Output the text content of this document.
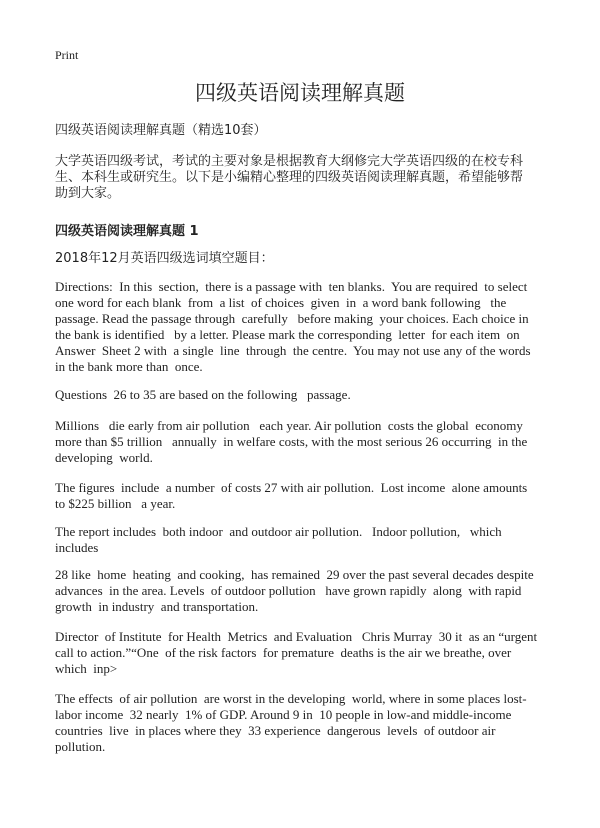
Print
四级英语阅读理解真题
四级英语阅读理解真题（精选10套）
大学英语四级考试，考试的主要对象是根据教育大纲修完大学英语四级的在校专科
生、本科生或研究生。以下是小编精心整理的四级英语阅读理解真题，希望能够帮
助到大家。
四级英语阅读理解真题 1
2018年12月英语四级选词填空题目：
Directions:  In this  section,  there is a passage with  ten blanks.  You are required  to select
one word for each blank  from  a list  of choices  given  in  a word bank following   the
passage. Read the passage through  carefully   before making  your choices. Each choice in
the bank is identified   by a letter. Please mark the corresponding  letter  for each item  on
Answer  Sheet 2 with  a single  line  through  the centre.  You may not use any of the words
in the bank more than  once.
Questions  26 to 35 are based on the following   passage.
Millions   die early from air pollution   each year. Air pollution  costs the global  economy
more than $5 trillion   annually  in welfare costs, with the most serious 26 occurring  in the
developing  world.
The figures  include  a number  of costs 27 with air pollution.  Lost income  alone amounts
to $225 billion   a year.
The report includes  both indoor  and outdoor air pollution.   Indoor pollution,   which
includes
28 like  home  heating  and cooking,  has remained  29 over the past several decades despite
advances  in the area. Levels  of outdoor pollution   have grown rapidly  along  with rapid
growth  in industry  and transportation.
Director  of Institute  for Health  Metrics  and Evaluation   Chris Murray  30 it  as an “urgent
call to action.”“One  of the risk factors  for premature  deaths is the air we breathe, over
which  inp>
The effects  of air pollution  are worst in the developing  world, where in some places lost-
labor income  32 nearly  1% of GDP. Around 9 in  10 people in low-and middle-income
countries  live  in places where they  33 experience  dangerous  levels  of outdoor air
pollution.
